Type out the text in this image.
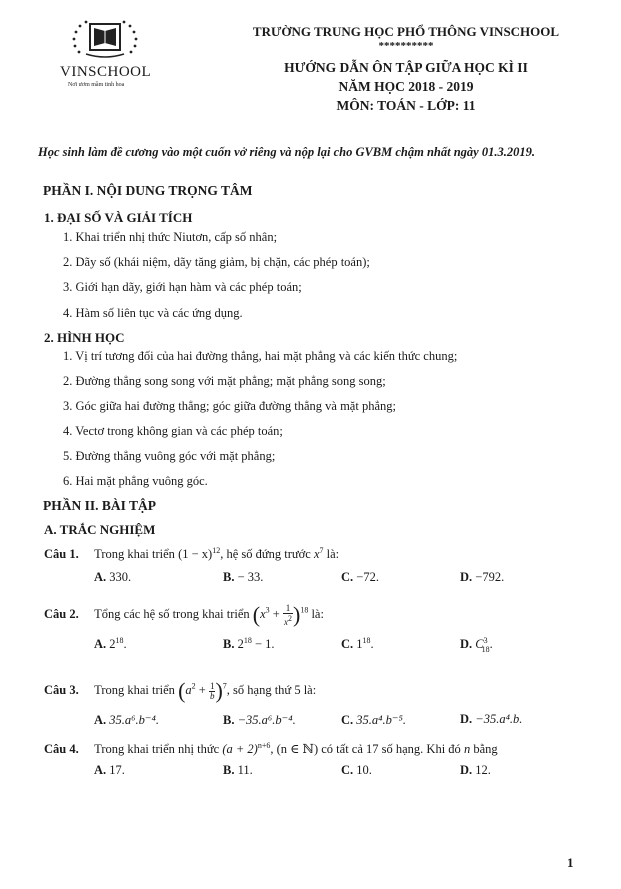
VINSCHOOL
Nơi ươm mầm tinh hoa
TRƯỜNG TRUNG HỌC PHỔ THÔNG VINSCHOOL
**********
HƯỚNG DẪN ÔN TẬP GIỮA HỌC KÌ II
NĂM HỌC 2018 - 2019
MÔN: TOÁN - LỚP: 11
Học sinh làm đề cương vào một cuốn vở riêng và nộp lại cho GVBM chậm nhất ngày 01.3.2019.
PHẦN I. NỘI DUNG TRỌNG TÂM
1. ĐẠI SỐ VÀ GIẢI TÍCH
1. Khai triển nhị thức Niutơn, cấp số nhân;
2. Dãy số (khái niệm, dãy tăng giảm, bị chặn, các phép toán);
3. Giới hạn dãy, giới hạn hàm và các phép toán;
4. Hàm số liên tục và các ứng dụng.
2. HÌNH HỌC
1. Vị trí tương đối của hai đường thẳng, hai mặt phẳng và các kiến thức chung;
2. Đường thẳng song song với mặt phẳng; mặt phẳng song song;
3. Góc giữa hai đường thẳng; góc giữa đường thẳng và mặt phẳng;
4. Vectơ trong không gian và các phép toán;
5. Đường thẳng vuông góc với mặt phẳng;
6. Hai mặt phẳng vuông góc.
PHẦN II. BÀI TẬP
A. TRẮC NGHIỆM
Câu 1. Trong khai triển $(1 - x)^{12}$, hệ số đứng trước $x^7$ là:
A. 330.	B. − 33.	C. −72.	D. −792.
Câu 2. Tổng các hệ số trong khai triển $(x^3 + \frac{1}{x^2} )^{18}$ là:
A. $2^{18}$.	B. $2^{18} - 1$.	C. $1^{18}$.	D. $C^3_{18}$.
Câu 3. Trong khai triển $(a^2 + \frac{1}{b} )^7$, số hạng thứ 5 là:
A. 35.a⁶.b⁻⁴.	B. −35.a⁶.b⁻⁴.	C. 35.a⁴.b⁻⁵.	D. −35.a⁴.b.
Câu 4. Trong khai triển nhị thức $(a + 2)^{n+6}$, (n ∈ ℕ) có tất cả 17 số hạng. Khi đó n bằng
A. 17.	B. 11.	C. 10.	D. 12.
1
